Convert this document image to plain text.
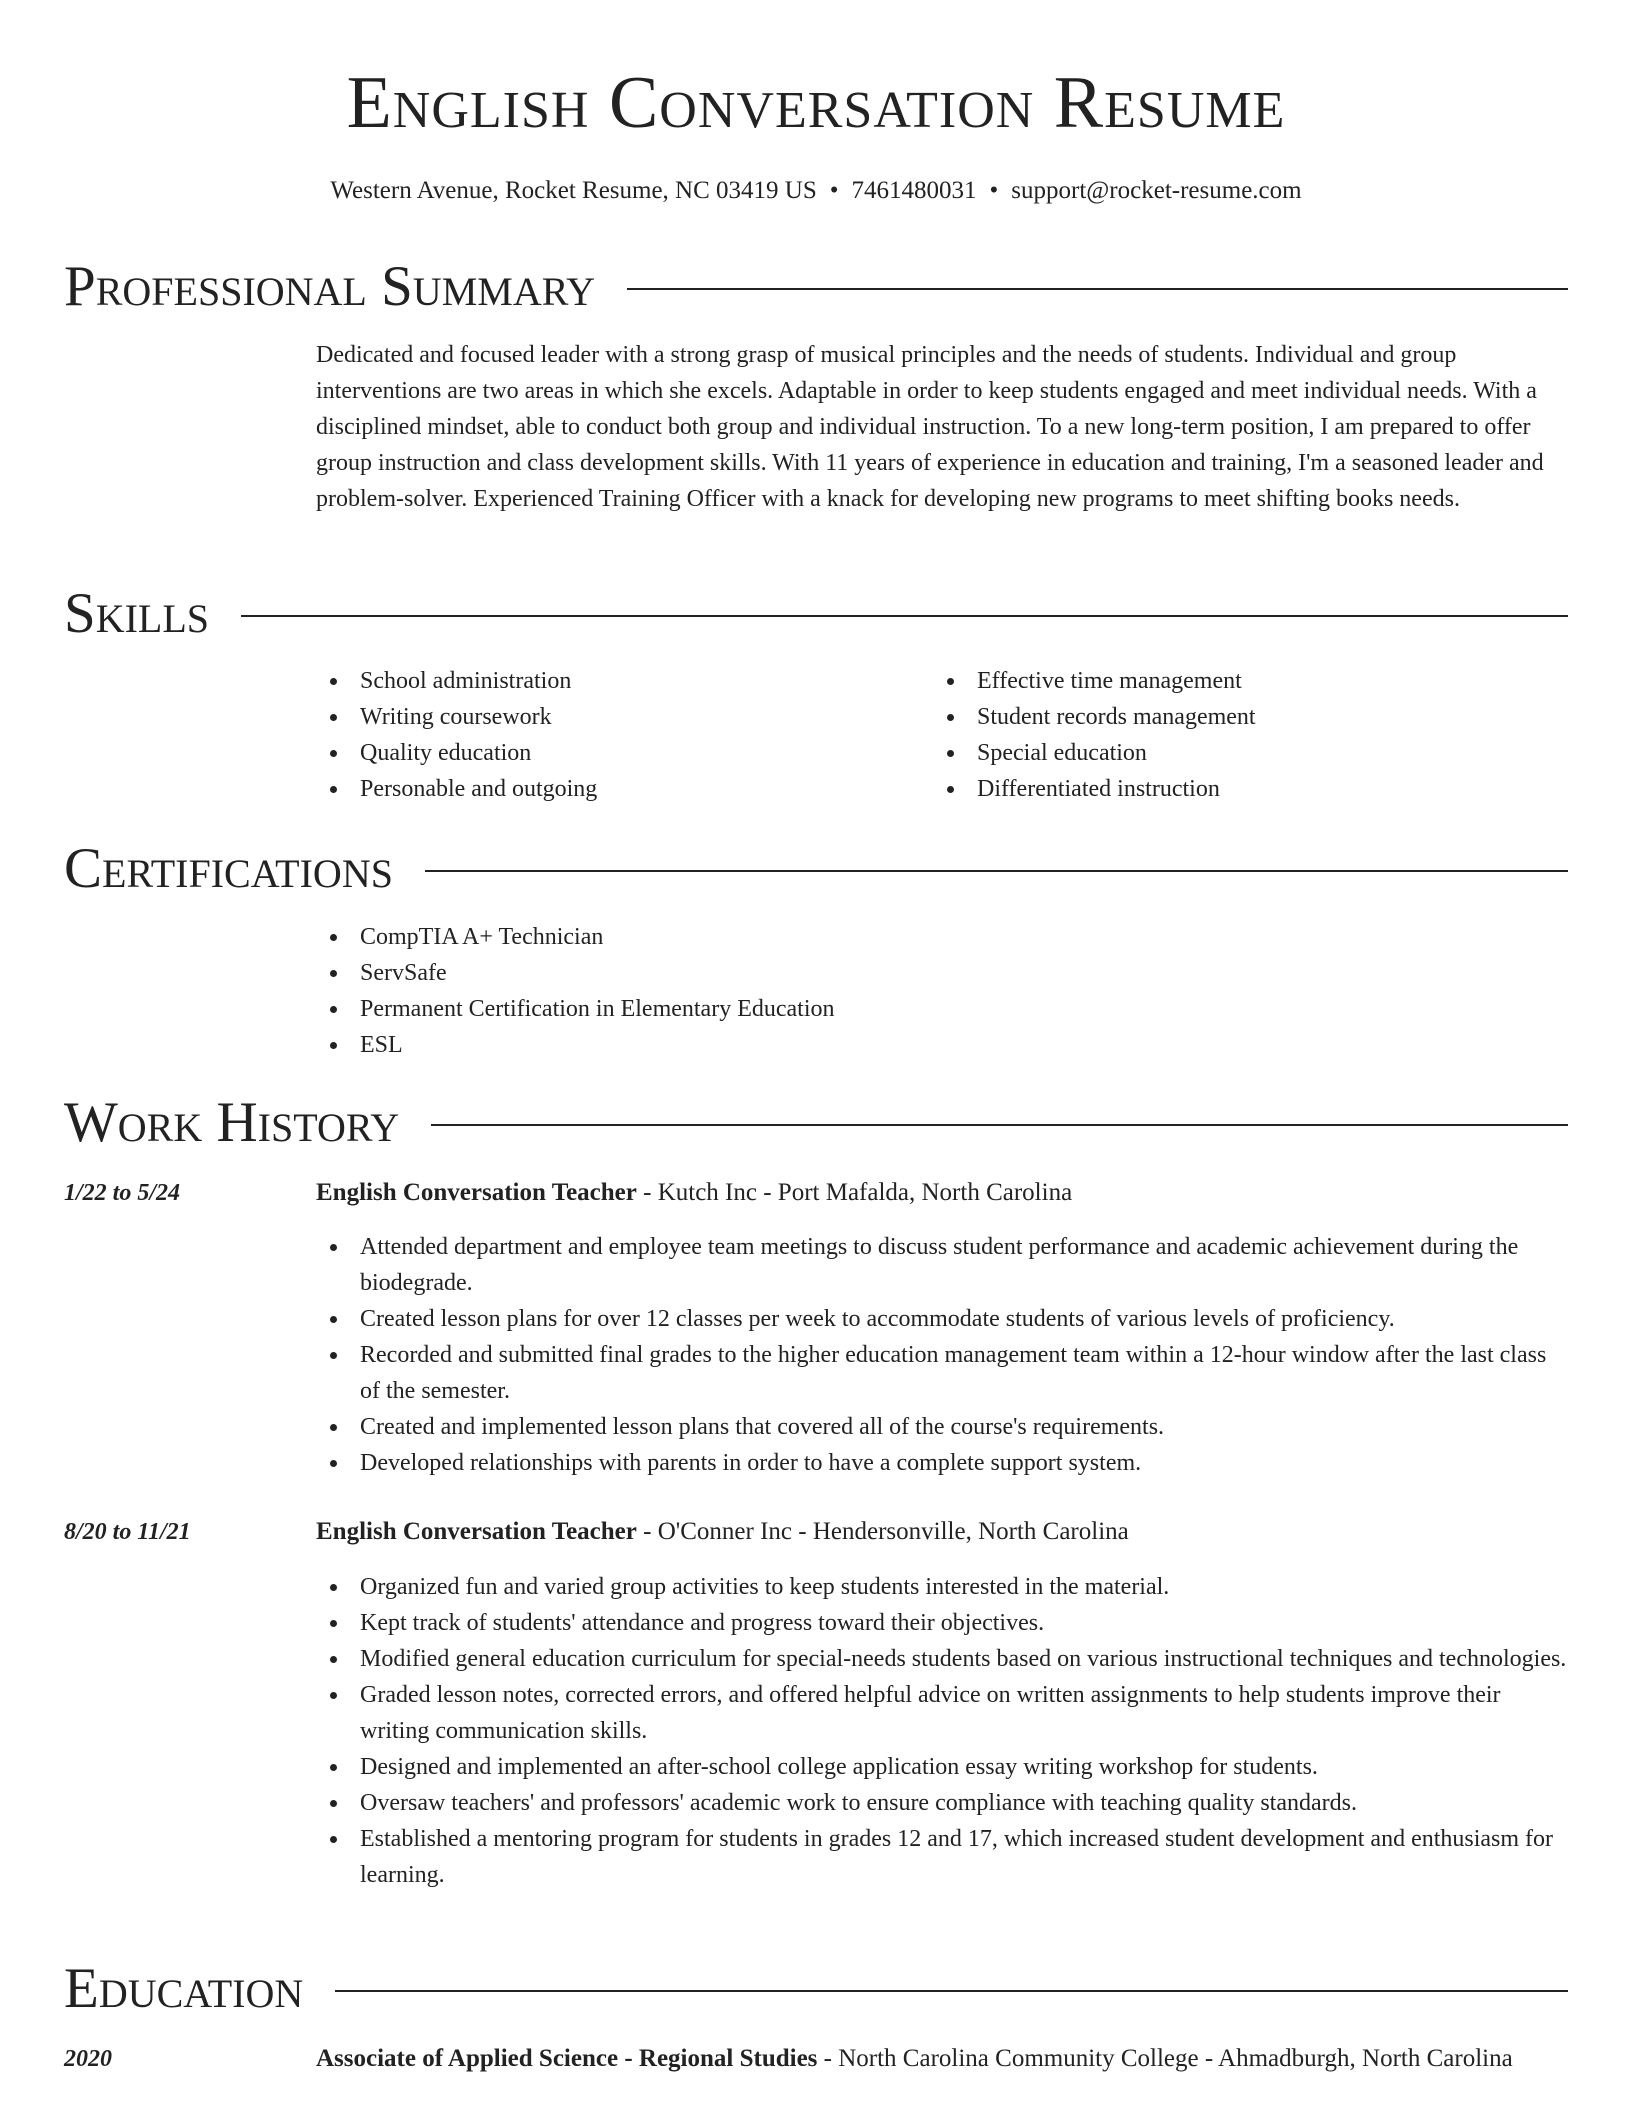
English Conversation Resume
Western Avenue, Rocket Resume, NC 03419 US • 7461480031 • support@rocket-resume.com
Professional Summary
Dedicated and focused leader with a strong grasp of musical principles and the needs of students. Individual and group interventions are two areas in which she excels. Adaptable in order to keep students engaged and meet individual needs. With a disciplined mindset, able to conduct both group and individual instruction. To a new long-term position, I am prepared to offer group instruction and class development skills. With 11 years of experience in education and training, I'm a seasoned leader and problem-solver. Experienced Training Officer with a knack for developing new programs to meet shifting books needs.
Skills
School administration
Writing coursework
Quality education
Personable and outgoing
Effective time management
Student records management
Special education
Differentiated instruction
Certifications
CompTIA A+ Technician
ServSafe
Permanent Certification in Elementary Education
ESL
Work History
1/22 to 5/24	English Conversation Teacher - Kutch Inc - Port Mafalda, North Carolina
Attended department and employee team meetings to discuss student performance and academic achievement during the biodegrade.
Created lesson plans for over 12 classes per week to accommodate students of various levels of proficiency.
Recorded and submitted final grades to the higher education management team within a 12-hour window after the last class of the semester.
Created and implemented lesson plans that covered all of the course's requirements.
Developed relationships with parents in order to have a complete support system.
8/20 to 11/21	English Conversation Teacher - O'Conner Inc - Hendersonville, North Carolina
Organized fun and varied group activities to keep students interested in the material.
Kept track of students' attendance and progress toward their objectives.
Modified general education curriculum for special-needs students based on various instructional techniques and technologies.
Graded lesson notes, corrected errors, and offered helpful advice on written assignments to help students improve their writing communication skills.
Designed and implemented an after-school college application essay writing workshop for students.
Oversaw teachers' and professors' academic work to ensure compliance with teaching quality standards.
Established a mentoring program for students in grades 12 and 17, which increased student development and enthusiasm for learning.
Education
2020	Associate of Applied Science - Regional Studies - North Carolina Community College - Ahmadburgh, North Carolina
